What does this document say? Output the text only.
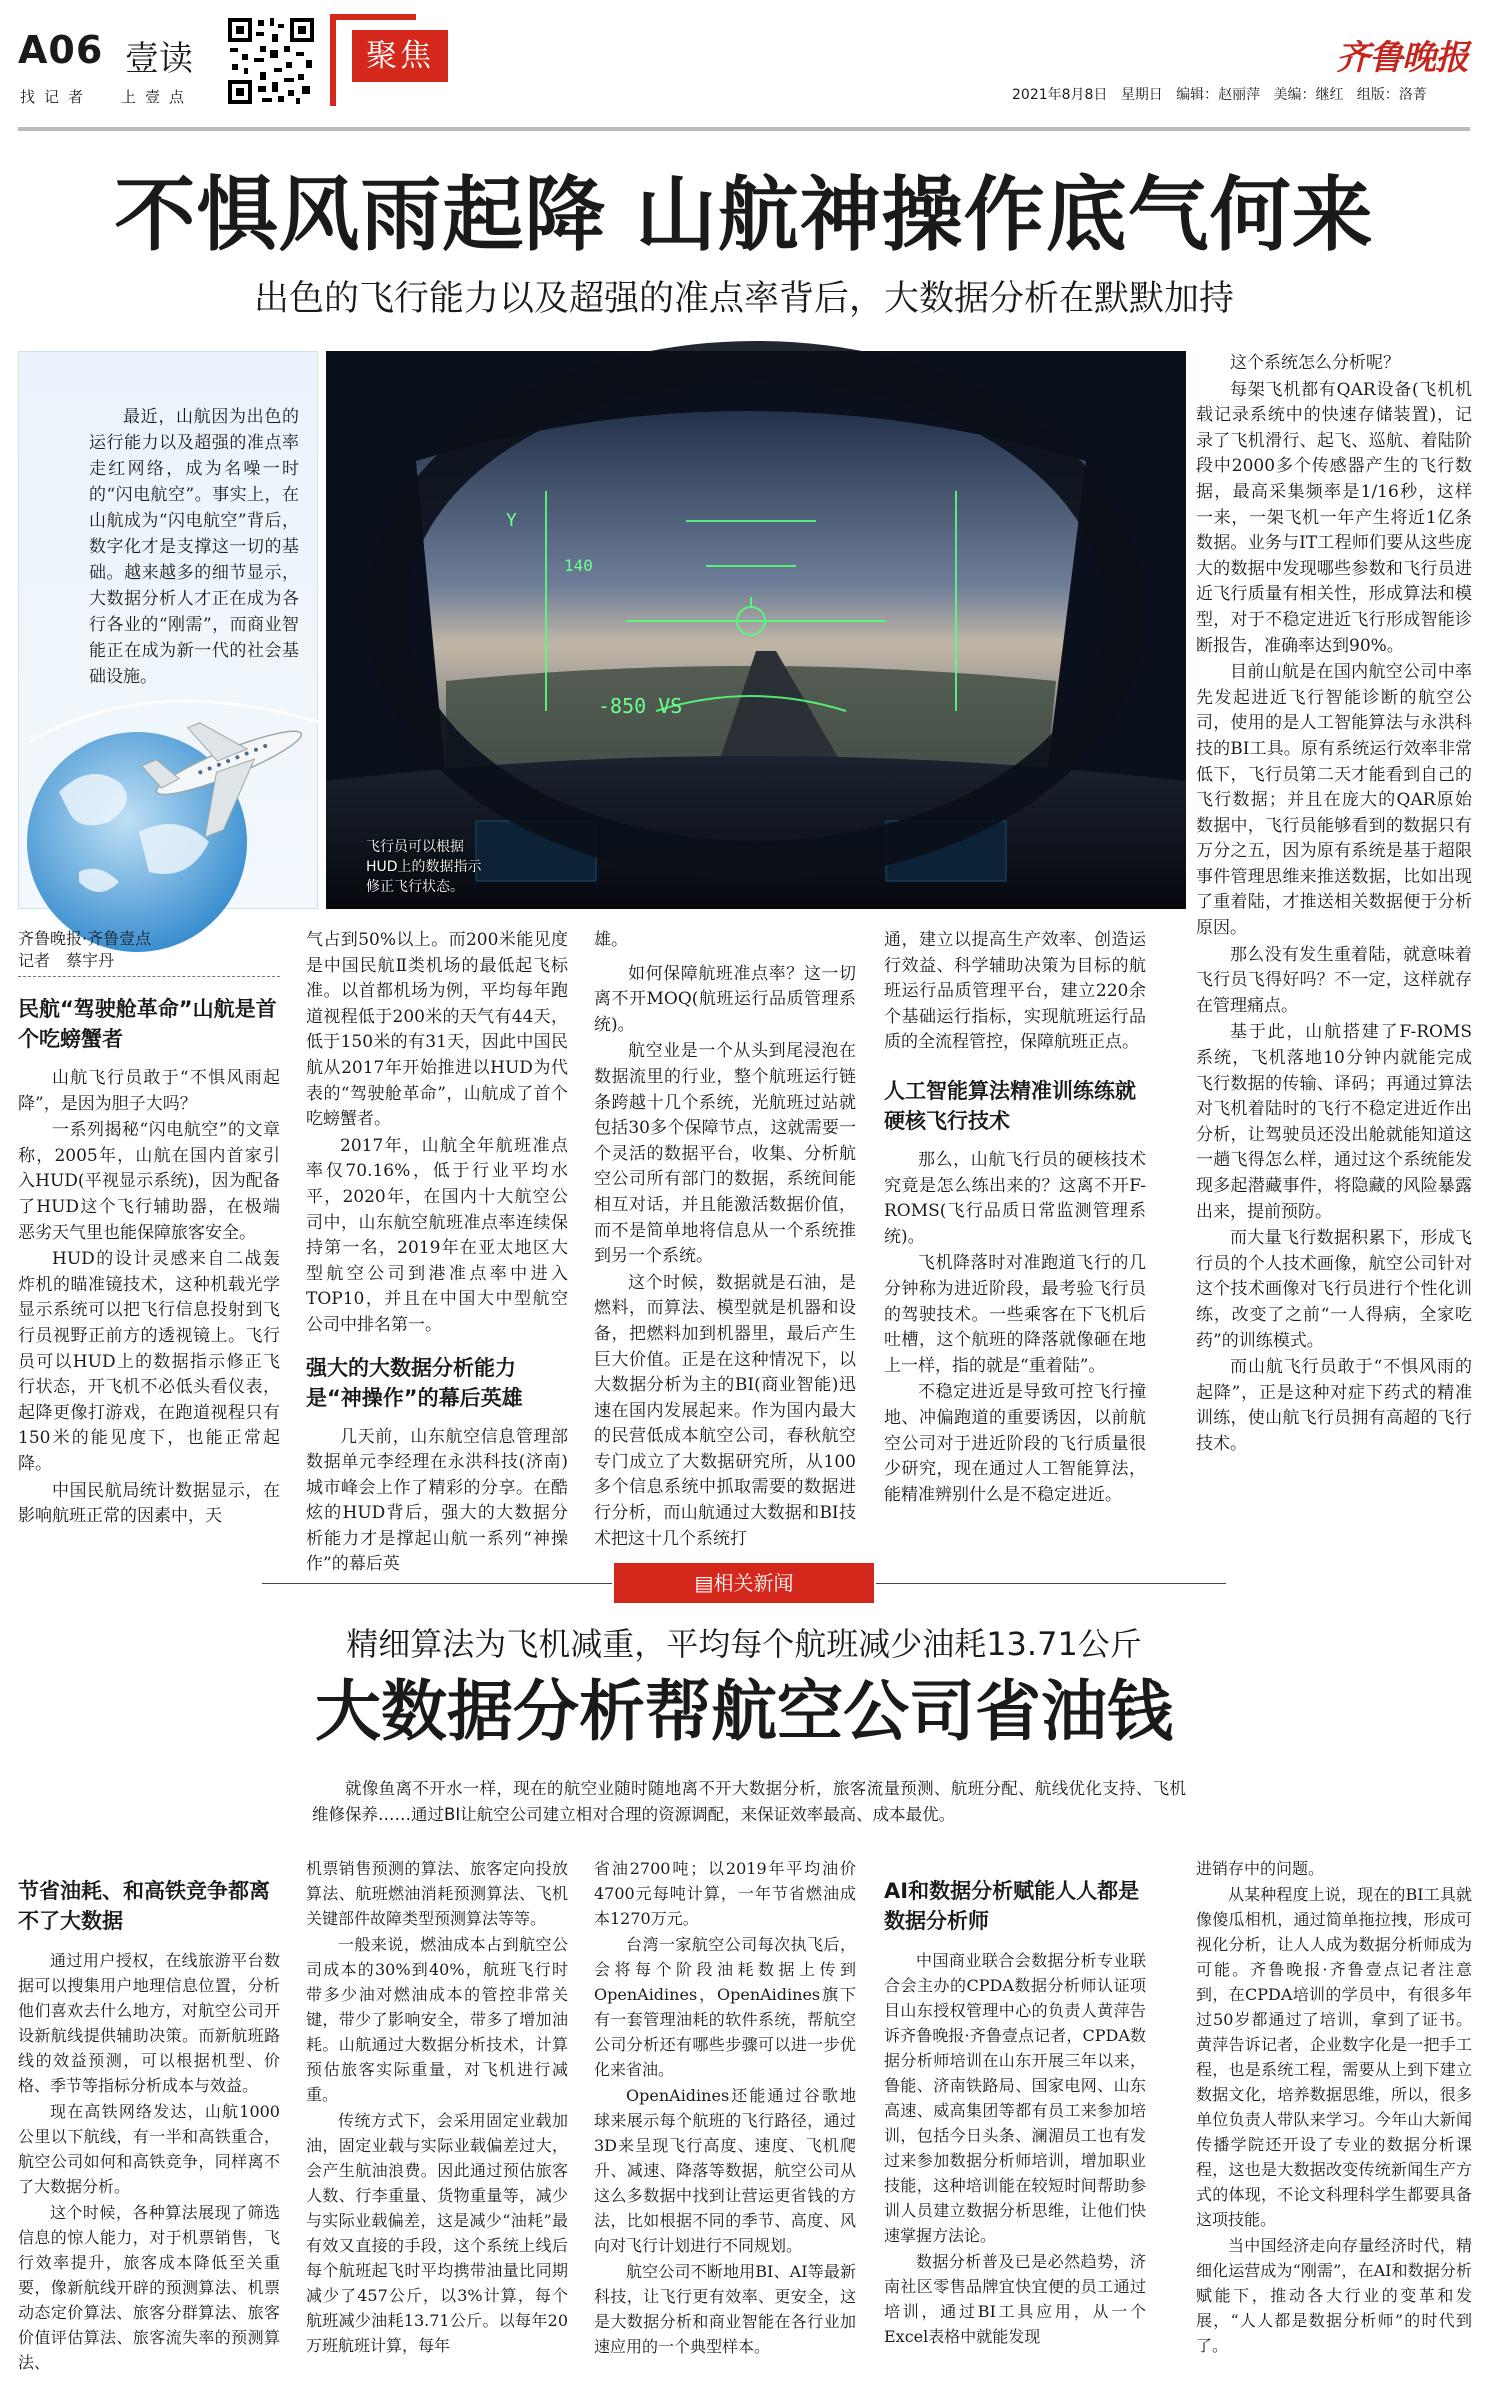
A06 壹读
找记者 上壹点
聚焦	齐鲁晚报
2021年8月8日 星期日 编辑：赵丽萍 美编：继红 组版：洛菁
不惧风雨起降 山航神操作底气何来
出色的飞行能力以及超强的准点率背后，大数据分析在默默加持

最近，山航因为出色的运行能力以及超强的准点率走红网络，成为名噪一时的“闪电航空”。事实上，在山航成为“闪电航空”背后，数字化才是支撑这一切的基础。越来越多的细节显示，大数据分析人才正在成为各行各业的“刚需”，而商业智能正在成为新一代的社会基础设施。

-850 VS
Y
140
飞行员可以根据HUD上的数据指示修正飞行状态。
齐鲁晚报·齐鲁壹点
记者　蔡宇丹
民航“驾驶舱革命”山航是首个吃螃蟹者

山航飞行员敢于“不惧风雨起降”，是因为胆子大吗？

一系列揭秘“闪电航空”的文章称，2005年，山航在国内首家引入HUD(平视显示系统)，因为配备了HUD这个飞行辅助器，在极端恶劣天气里也能保障旅客安全。

HUD的设计灵感来自二战轰炸机的瞄准镜技术，这种机载光学显示系统可以把飞行信息投射到飞行员视野正前方的透视镜上。飞行员可以HUD上的数据指示修正飞行状态，开飞机不必低头看仪表，起降更像打游戏，在跑道视程只有150米的能见度下，也能正常起降。

中国民航局统计数据显示，在影响航班正常的因素中，天

气占到50%以上。而200米能见度是中国民航Ⅱ类机场的最低起飞标准。以首都机场为例，平均每年跑道视程低于200米的天气有44天，低于150米的有31天，因此中国民航从2017年开始推进以HUD为代表的“驾驶舱革命”，山航成了首个吃螃蟹者。

2017年，山航全年航班准点率仅70.16%，低于行业平均水平，2020年，在国内十大航空公司中，山东航空航班准点率连续保持第一名，2019年在亚太地区大型航空公司到港准点率中进入TOP10，并且在中国大中型航空公司中排名第一。

强大的大数据分析能力是“神操作”的幕后英雄

几天前，山东航空信息管理部数据单元李经理在永洪科技(济南)城市峰会上作了精彩的分享。在酷炫的HUD背后，强大的大数据分析能力才是撑起山航一系列“神操作”的幕后英

雄。

如何保障航班准点率？这一切离不开MOQ(航班运行品质管理系统)。

航空业是一个从头到尾浸泡在数据流里的行业，整个航班运行链条跨越十几个系统，光航班过站就包括30多个保障节点，这就需要一个灵活的数据平台，收集、分析航空公司所有部门的数据，系统间能相互对话，并且能激活数据价值，而不是简单地将信息从一个系统推到另一个系统。

这个时候，数据就是石油，是燃料，而算法、模型就是机器和设备，把燃料加到机器里，最后产生巨大价值。正是在这种情况下，以大数据分析为主的BI(商业智能)迅速在国内发展起来。作为国内最大的民营低成本航空公司，春秋航空专门成立了大数据研究所，从100多个信息系统中抓取需要的数据进行分析，而山航通过大数据和BI技术把这十几个系统打

通，建立以提高生产效率、创造运行效益、科学辅助决策为目标的航班运行品质管理平台，建立220余个基础运行指标，实现航班运行品质的全流程管控，保障航班正点。

人工智能算法精准训练练就硬核飞行技术

那么，山航飞行员的硬核技术究竟是怎么练出来的？这离不开F-ROMS(飞行品质日常监测管理系统)。

飞机降落时对准跑道飞行的几分钟称为进近阶段，最考验飞行员的驾驶技术。一些乘客在下飞机后吐槽，这个航班的降落就像砸在地上一样，指的就是“重着陆”。

不稳定进近是导致可控飞行撞地、冲偏跑道的重要诱因，以前航空公司对于进近阶段的飞行质量很少研究，现在通过人工智能算法，能精准辨别什么是不稳定进近。

这个系统怎么分析呢？

每架飞机都有QAR设备(飞机机载记录系统中的快速存储装置)，记录了飞机滑行、起飞、巡航、着陆阶段中2000多个传感器产生的飞行数据，最高采集频率是1/16秒，这样一来，一架飞机一年产生将近1亿条数据。业务与IT工程师们要从这些庞大的数据中发现哪些参数和飞行员进近飞行质量有相关性，形成算法和模型，对于不稳定进近飞行形成智能诊断报告，准确率达到90%。

目前山航是在国内航空公司中率先发起进近飞行智能诊断的航空公司，使用的是人工智能算法与永洪科技的BI工具。原有系统运行效率非常低下，飞行员第二天才能看到自己的飞行数据；并且在庞大的QAR原始数据中，飞行员能够看到的数据只有万分之五，因为原有系统是基于超限事件管理思维来推送数据，比如出现了重着陆，才推送相关数据便于分析原因。

那么没有发生重着陆，就意味着飞行员飞得好吗？不一定，这样就存在管理痛点。

基于此，山航搭建了F-ROMS系统，飞机落地10分钟内就能完成飞行数据的传输、译码；再通过算法对飞机着陆时的飞行不稳定进近作出分析，让驾驶员还没出舱就能知道这一趟飞得怎么样，通过这个系统能发现多起潜藏事件，将隐藏的风险暴露出来，提前预防。

而大量飞行数据积累下，形成飞行员的个人技术画像，航空公司针对这个技术画像对飞行员进行个性化训练，改变了之前“一人得病，全家吃药”的训练模式。

而山航飞行员敢于“不惧风雨的起降”，正是这种对症下药式的精准训练，使山航飞行员拥有高超的飞行技术。

▤相关新闻
精细算法为飞机减重，平均每个航班减少油耗13.71公斤
大数据分析帮航空公司省油钱
就像鱼离不开水一样，现在的航空业随时随地离不开大数据分析，旅客流量预测、航班分配、航线优化支持、飞机维修保养……通过BI让航空公司建立相对合理的资源调配，来保证效率最高、成本最优。
节省油耗、和高铁竞争都离不了大数据

通过用户授权，在线旅游平台数据可以搜集用户地理信息位置，分析他们喜欢去什么地方，对航空公司开设新航线提供辅助决策。而新航班路线的效益预测，可以根据机型、价格、季节等指标分析成本与效益。

现在高铁网络发达，山航1000公里以下航线，有一半和高铁重合，航空公司如何和高铁竞争，同样离不了大数据分析。

这个时候，各种算法展现了筛选信息的惊人能力，对于机票销售，飞行效率提升，旅客成本降低至关重要，像新航线开辟的预测算法、机票动态定价算法、旅客分群算法、旅客价值评估算法、旅客流失率的预测算法、

机票销售预测的算法、旅客定向投放算法、航班燃油消耗预测算法、飞机关键部件故障类型预测算法等等。

一般来说，燃油成本占到航空公司成本的30%到40%，航班飞行时带多少油对燃油成本的管控非常关键，带少了影响安全，带多了增加油耗。山航通过大数据分析技术，计算预估旅客实际重量，对飞机进行减重。

传统方式下，会采用固定业载加油，固定业载与实际业载偏差过大，会产生航油浪费。因此通过预估旅客人数、行李重量、货物重量等，减少与实际业载偏差，这是减少“油耗”最有效又直接的手段，这个系统上线后每个航班起飞时平均携带油量比同期减少了457公斤，以3%计算，每个航班减少油耗13.71公斤。以每年20万班航班计算，每年

省油2700吨；以2019年平均油价4700元每吨计算，一年节省燃油成本1270万元。

台湾一家航空公司每次执飞后，会将每个阶段油耗数据上传到OpenAidines，OpenAidines旗下有一套管理油耗的软件系统，帮航空公司分析还有哪些步骤可以进一步优化来省油。

OpenAidines还能通过谷歌地球来展示每个航班的飞行路径，通过3D来呈现飞行高度、速度、飞机爬升、减速、降落等数据，航空公司从这么多数据中找到让营运更省钱的方法，比如根据不同的季节、高度、风向对飞行计划进行不同规划。

航空公司不断地用BI、AI等最新科技，让飞行更有效率、更安全，这是大数据分析和商业智能在各行业加速应用的一个典型样本。

AI和数据分析赋能人人都是数据分析师

中国商业联合会数据分析专业联合会主办的CPDA数据分析师认证项目山东授权管理中心的负责人黄萍告诉齐鲁晚报·齐鲁壹点记者，CPDA数据分析师培训在山东开展三年以来，鲁能、济南铁路局、国家电网、山东高速、威高集团等都有员工来参加培训，包括今日头条、澜湄员工也有发过来参加数据分析师培训，增加职业技能，这种培训能在较短时间帮助参训人员建立数据分析思维，让他们快速掌握方法论。

数据分析普及已是必然趋势，济南社区零售品牌宜快宜便的员工通过培训，通过BI工具应用，从一个Excel表格中就能发现

进销存中的问题。

从某种程度上说，现在的BI工具就像傻瓜相机，通过简单拖拉拽，形成可视化分析，让人人成为数据分析师成为可能。齐鲁晚报·齐鲁壹点记者注意到，在CPDA培训的学员中，有很多年过50岁都通过了培训，拿到了证书。黄萍告诉记者，企业数字化是一把手工程，也是系统工程，需要从上到下建立数据文化，培养数据思维，所以，很多单位负责人带队来学习。今年山大新闻传播学院还开设了专业的数据分析课程，这也是大数据改变传统新闻生产方式的体现，不论文科理科学生都要具备这项技能。

当中国经济走向存量经济时代，精细化运营成为“刚需”，在AI和数据分析赋能下，推动各大行业的变革和发展，“人人都是数据分析师”的时代到了。
